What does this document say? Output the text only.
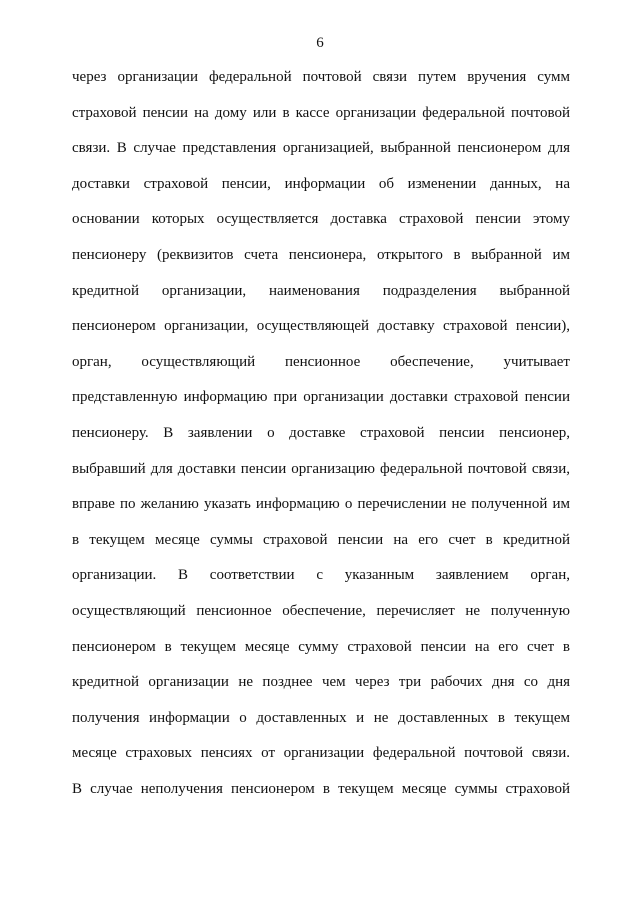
6
через организации федеральной почтовой связи путем вручения сумм
страховой пенсии на дому или в кассе организации федеральной почтовой
связи. В случае представления организацией, выбранной пенсионером для
доставки страховой пенсии, информации об изменении данных, на
основании которых осуществляется доставка страховой пенсии этому
пенсионеру (реквизитов счета пенсионера, открытого в выбранной им
кредитной организации, наименования подразделения выбранной
пенсионером организации, осуществляющей доставку страховой пенсии),
орган, осуществляющий пенсионное обеспечение, учитывает
представленную информацию при организации доставки страховой пенсии
пенсионеру. В заявлении о доставке страховой пенсии пенсионер,
выбравший для доставки пенсии организацию федеральной почтовой связи,
вправе по желанию указать информацию о перечислении не полученной им
в текущем месяце суммы страховой пенсии на его счет в кредитной
организации. В соответствии с указанным заявлением орган,
осуществляющий пенсионное обеспечение, перечисляет не полученную
пенсионером в текущем месяце сумму страховой пенсии на его счет в
кредитной организации не позднее чем через три рабочих дня со дня
получения информации о доставленных и не доставленных в текущем
месяце страховых пенсиях от организации федеральной почтовой связи.
В случае неполучения пенсионером в текущем месяце суммы страховой
